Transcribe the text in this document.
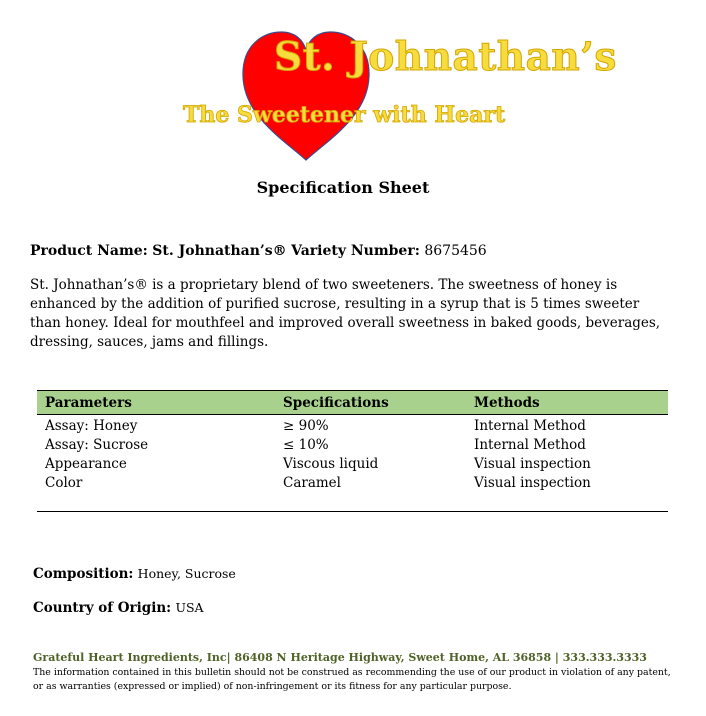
St. Johnathan’s
The Sweetener with Heart
Specification Sheet
Product Name: St. Johnathan’s® Variety Number: 8675456

St. Johnathan’s® is a proprietary blend of two sweeteners. The sweetness of honey is enhanced by the addition of purified sucrose, resulting in a syrup that is 5 times sweeter than honey. Ideal for mouthfeel and improved overall sweetness in baked goods, beverages, dressing, sauces, jams and fillings.

Parameters	Specifications	Methods
Assay: Honey	≥ 90%	Internal Method
Assay: Sucrose	≤ 10%	Internal Method
Appearance	Viscous liquid	Visual inspection
Color	Caramel	Visual inspection
Composition: Honey, Sucrose
Country of Origin: USA
Grateful Heart Ingredients, Inc| 86408 N Heritage Highway, Sweet Home, AL 36858 | 333.333.3333

The information contained in this bulletin should not be construed as recommending the use of our product in violation of any patent,
or as warranties (expressed or implied) of non-infringement or its fitness for any particular purpose.
